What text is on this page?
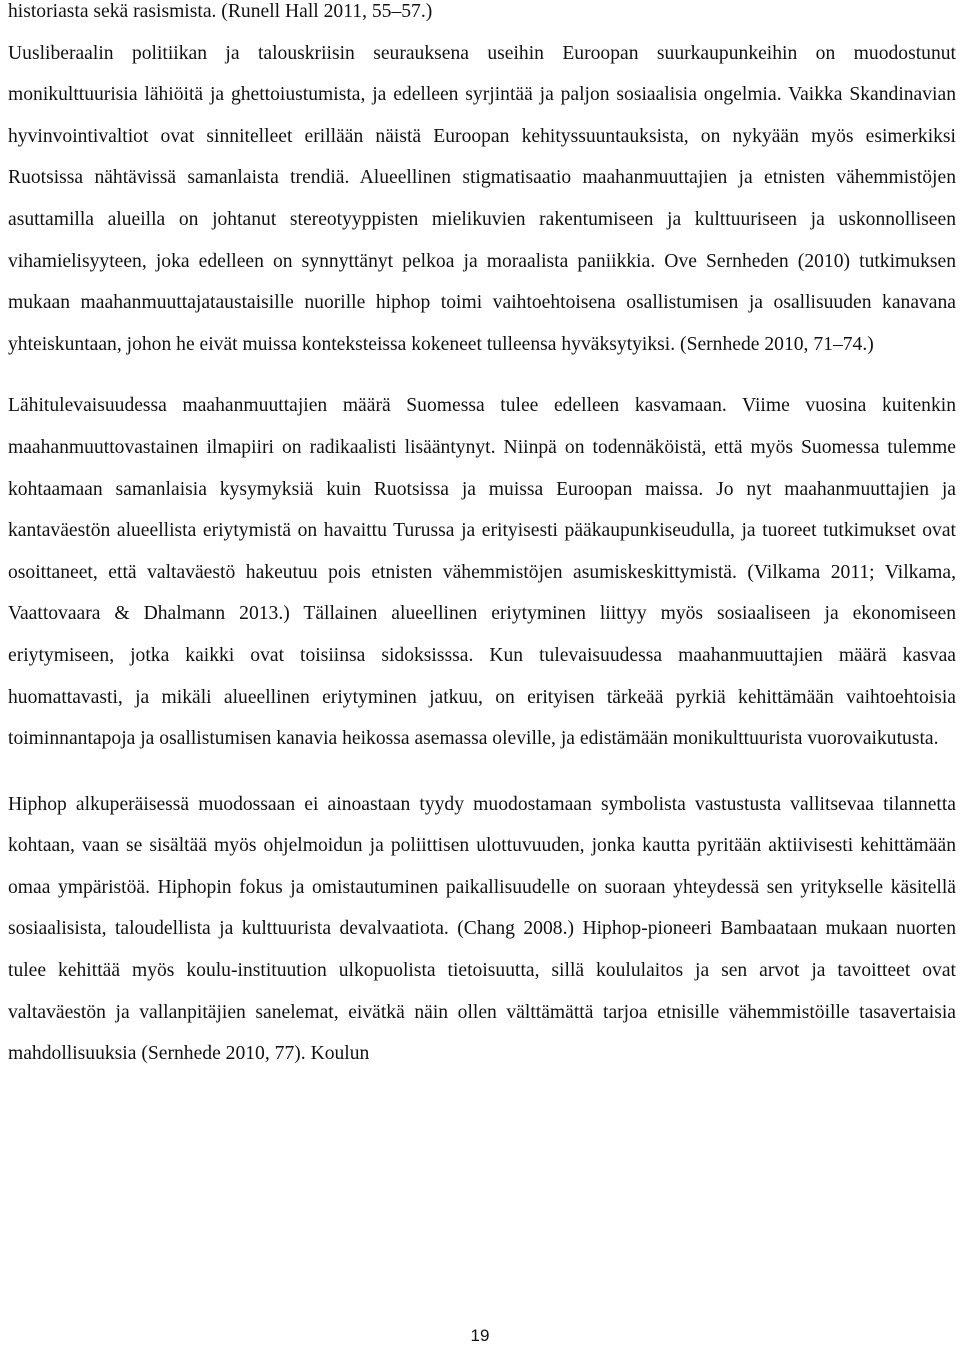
historiasta sekä rasismista. (Runell Hall 2011, 55–57.)

Uusliberaalin politiikan ja talouskriisin seurauksena useihin Euroopan suurkaupunkeihin on muodostunut monikulttuurisia lähiöitä ja ghettoiustumista, ja edelleen syrjintää ja paljon sosiaalisia ongelmia. Vaikka Skandinavian hyvinvointivaltiot ovat sinnitelleet erillään näistä Euroopan kehityssuuntauksista, on nykyään myös esimerkiksi Ruotsissa nähtävissä samanlaista trendiä. Alueellinen stigmatisaatio maahanmuuttajien ja etnisten vähemmistöjen asuttamilla alueilla on johtanut stereotyyppisten mielikuvien rakentumiseen ja kulttuuriseen ja uskonnolliseen vihamielisyyteen, joka edelleen on synnyttänyt pelkoa ja moraalista paniikkia. Ove Sernheden (2010) tutkimuksen mukaan maahanmuuttajataustaisille nuorille hiphop toimi vaihtoehtoisena osallistumisen ja osallisuuden kanavana yhteiskuntaan, johon he eivät muissa konteksteissa kokeneet tulleensa hyväksytyiksi. (Sernhede 2010, 71–74.)

Lähitulevaisuudessa maahanmuuttajien määrä Suomessa tulee edelleen kasvamaan. Viime vuosina kuitenkin maahanmuuttovastainen ilmapiiri on radikaalisti lisääntynyt. Niinpä on todennäköistä, että myös Suomessa tulemme kohtaamaan samanlaisia kysymyksiä kuin Ruotsissa ja muissa Euroopan maissa. Jo nyt maahanmuuttajien ja kantaväestön alueellista eriytymistä on havaittu Turussa ja erityisesti pääkaupunkiseudulla, ja tuoreet tutkimukset ovat osoittaneet, että valtaväestö hakeutuu pois etnisten vähemmistöjen asumiskeskittymistä. (Vilkama 2011; Vilkama, Vaattovaara & Dhalmann 2013.) Tällainen alueellinen eriytyminen liittyy myös sosiaaliseen ja ekonomiseen eriytymiseen, jotka kaikki ovat toisiinsa sidoksisssa. Kun tulevaisuudessa maahanmuuttajien määrä kasvaa huomattavasti, ja mikäli alueellinen eriytyminen jatkuu, on erityisen tärkeää pyrkiä kehittämään vaihtoehtoisia toiminnantapoja ja osallistumisen kanavia heikossa asemassa oleville, ja edistämään monikulttuurista vuorovaikutusta.

Hiphop alkuperäisessä muodossaan ei ainoastaan tyydy muodostamaan symbolista vastustusta vallitsevaa tilannetta kohtaan, vaan se sisältää myös ohjelmoidun ja poliittisen ulottuvuuden, jonka kautta pyritään aktiivisesti kehittämään omaa ympäristöä. Hiphopin fokus ja omistautuminen paikallisuudelle on suoraan yhteydessä sen yritykselle käsitellä sosiaalisista, taloudellista ja kulttuurista devalvaatiota. (Chang 2008.) Hiphop-pioneeri Bambaataan mukaan nuorten tulee kehittää myös koulu-instituution ulkopuolista tietoisuutta, sillä koululaitos ja sen arvot ja tavoitteet ovat valtaväestön ja vallanpitäjien sanelemat, eivätkä näin ollen välttämättä tarjoa etnisille vähemmistöille tasavertaisia mahdollisuuksia (Sernhede 2010, 77). Koulun

19
